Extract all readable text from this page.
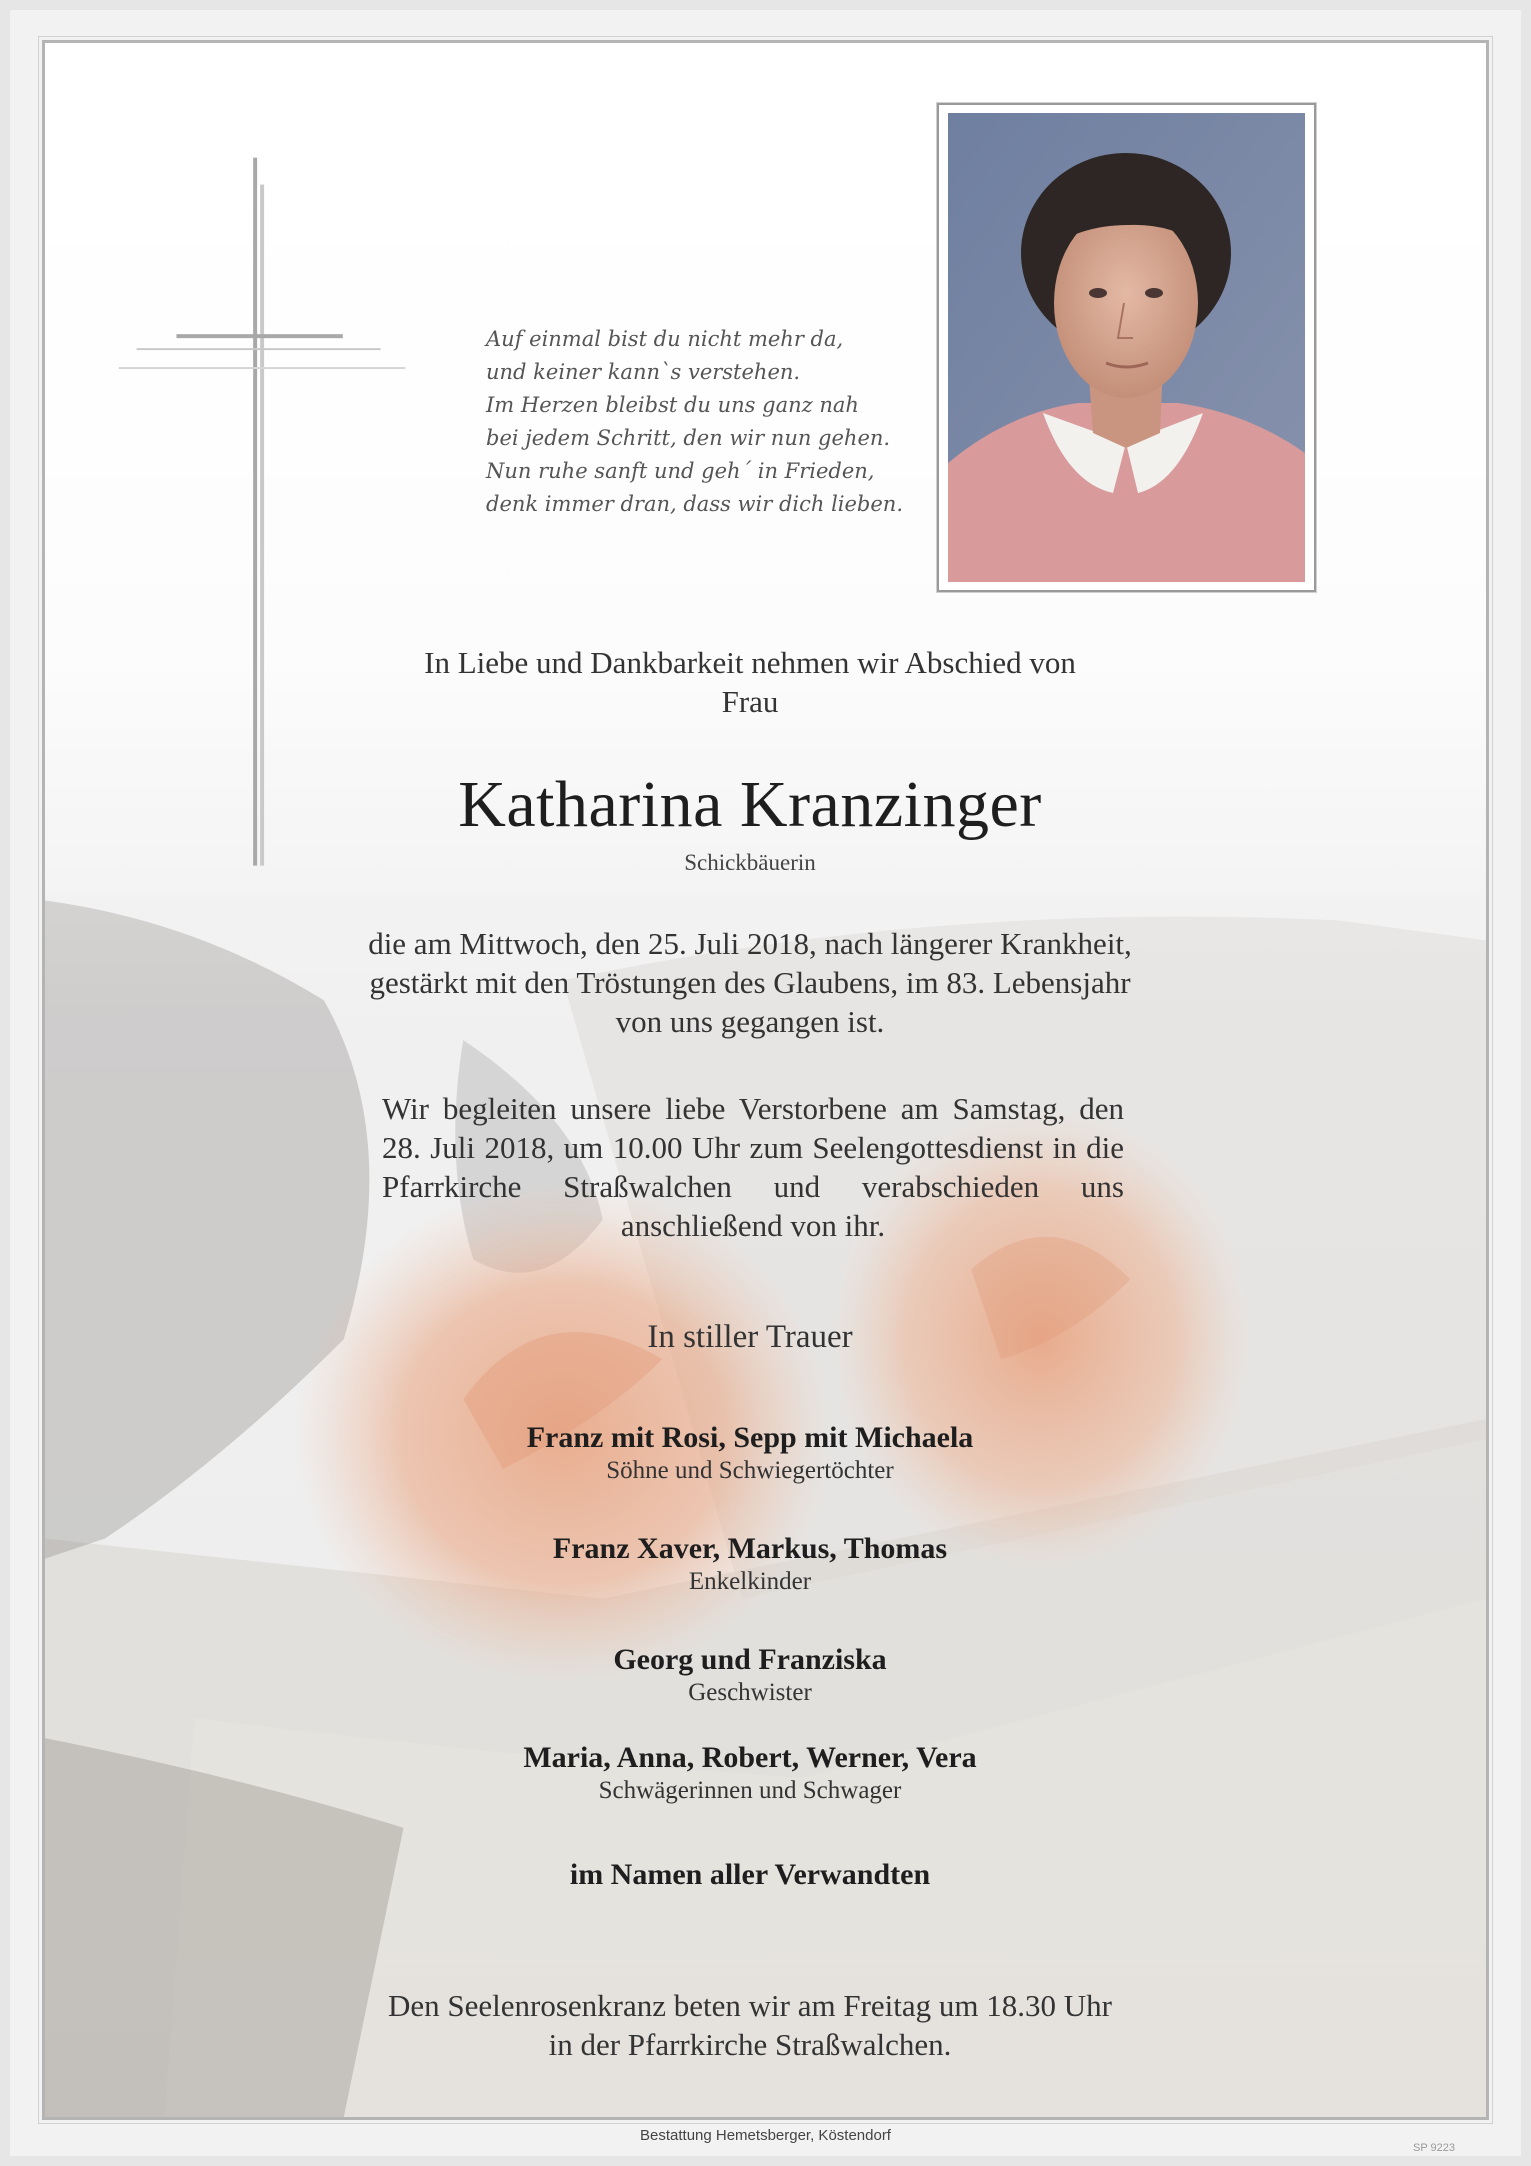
Auf einmal bist du nicht mehr da,
und keiner kann`s verstehen.
Im Herzen bleibst du uns ganz nah
bei jedem Schritt, den wir nun gehen.
Nun ruhe sanft und geh´ in Frieden,
denk immer dran, dass wir dich lieben.
In Liebe und Dankbarkeit nehmen wir Abschied von
Frau
Katharina Kranzinger
Schickbäuerin
die am Mittwoch, den 25. Juli 2018, nach längerer Krankheit,
gestärkt mit den Tröstungen des Glaubens, im 83. Lebensjahr
von uns gegangen ist.
Wir begleiten unsere liebe Verstorbene am Samstag, den 28. Juli 2018, um 10.00 Uhr zum Seelengottesdienst in die Pfarrkirche Straßwalchen und verabschieden uns anschließend von ihr.
In stiller Trauer
Franz mit Rosi, Sepp mit Michaela
Söhne und Schwiegertöchter
Franz Xaver, Markus, Thomas
Enkelkinder
Georg und Franziska
Geschwister
Maria, Anna, Robert, Werner, Vera
Schwägerinnen und Schwager
im Namen aller Verwandten
Den Seelenrosenkranz beten wir am Freitag um 18.30 Uhr
in der Pfarrkirche Straßwalchen.
Bestattung Hemetsberger, Köstendorf
SP 9223
